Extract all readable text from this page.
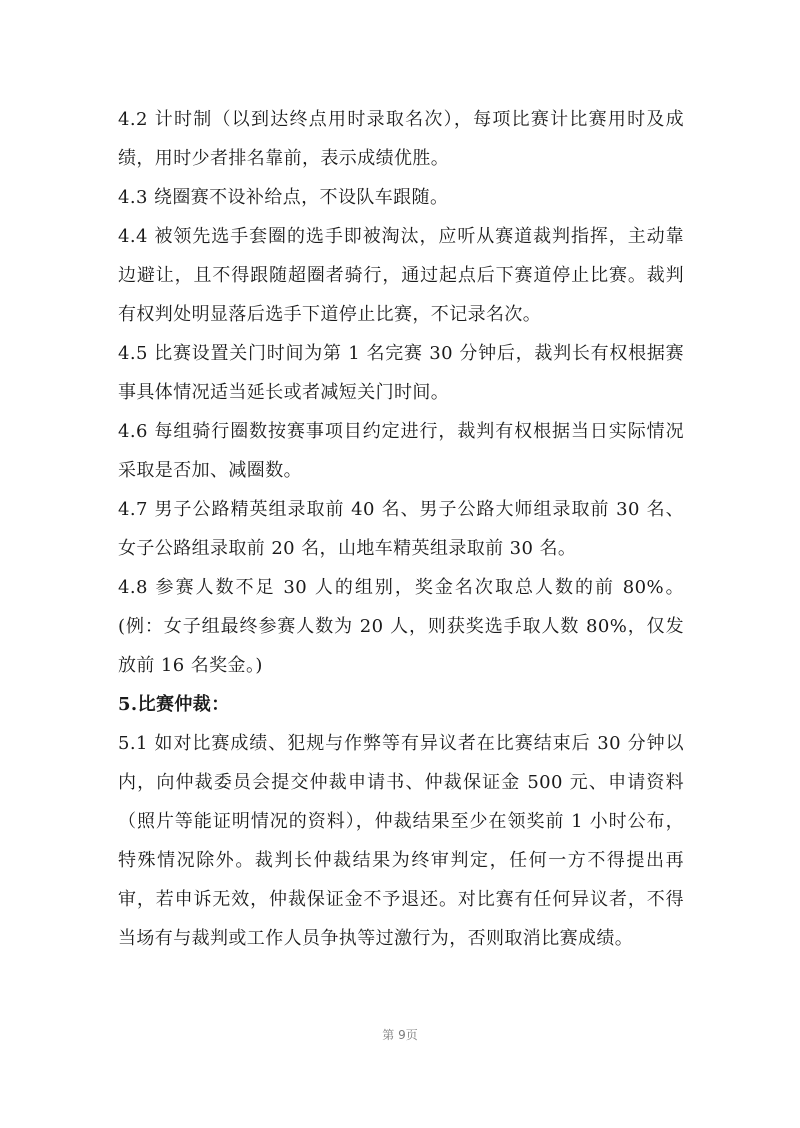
4.2 计时制（以到达终点用时录取名次），每项比赛计比赛用时及成绩，用时少者排名靠前，表示成绩优胜。

4.3 绕圈赛不设补给点，不设队车跟随。

4.4 被领先选手套圈的选手即被淘汰，应听从赛道裁判指挥，主动靠边避让，且不得跟随超圈者骑行，通过起点后下赛道停止比赛。裁判有权判处明显落后选手下道停止比赛，不记录名次。

4.5 比赛设置关门时间为第 1 名完赛 30 分钟后，裁判长有权根据赛事具体情况适当延长或者减短关门时间。

4.6 每组骑行圈数按赛事项目约定进行，裁判有权根据当日实际情况采取是否加、减圈数。

4.7 男子公路精英组录取前 40 名、男子公路大师组录取前 30 名、女子公路组录取前 20 名，山地车精英组录取前 30 名。

4.8 参赛人数不足 30 人的组别，奖金名次取总人数的前 80%。(例：女子组最终参赛人数为 20 人，则获奖选手取人数 80%，仅发放前 16 名奖金。)

5.比赛仲裁：

5.1 如对比赛成绩、犯规与作弊等有异议者在比赛结束后 30 分钟以内，向仲裁委员会提交仲裁申请书、仲裁保证金 500 元、申请资料（照片等能证明情况的资料），仲裁结果至少在领奖前 1 小时公布，特殊情况除外。裁判长仲裁结果为终审判定，任何一方不得提出再审，若申诉无效，仲裁保证金不予退还。对比赛有任何异议者，不得当场有与裁判或工作人员争执等过激行为，否则取消比赛成绩。

第 9页
